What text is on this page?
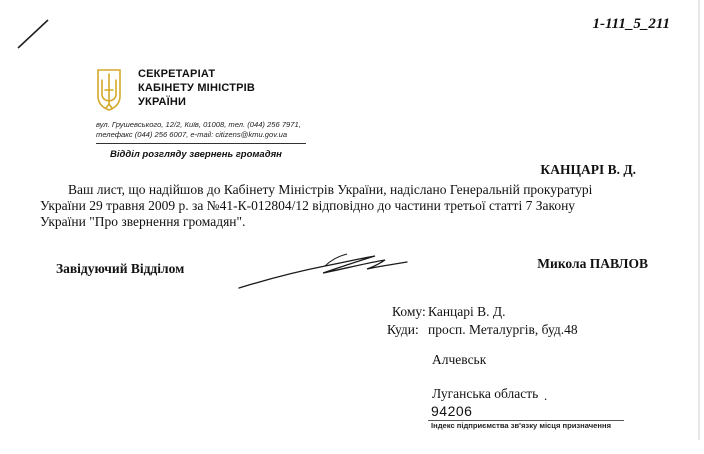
1-111_5_211
СЕКРЕТАРІАТ
КАБІНЕТУ МІНІСТРІВ
УКРАЇНИ
вул. Грушевського, 12/2, Київ, 01008, тел. (044) 256 7971,
телефакс (044) 256 6007, e-mail: citizens@kmu.gov.ua
Відділ розгляду звернень громадян
КАНЦАРІ В. Д.
Ваш лист, що надійшов до Кабінету Міністрів України, надіслано Генеральній прокуратурі
України 29 травня 2009 р. за №41-К-012804/12 відповідно до частини третьої статті 7 Закону
України "Про звернення громадян".
Завідуючий Відділом	Микола ПАВЛОВ
Кому: Канцарі В. Д.
Куди: просп. Металургів, буд.48
Алчевськ
Луганська область .
94206
Індекс підприємства зв'язку місця призначення
